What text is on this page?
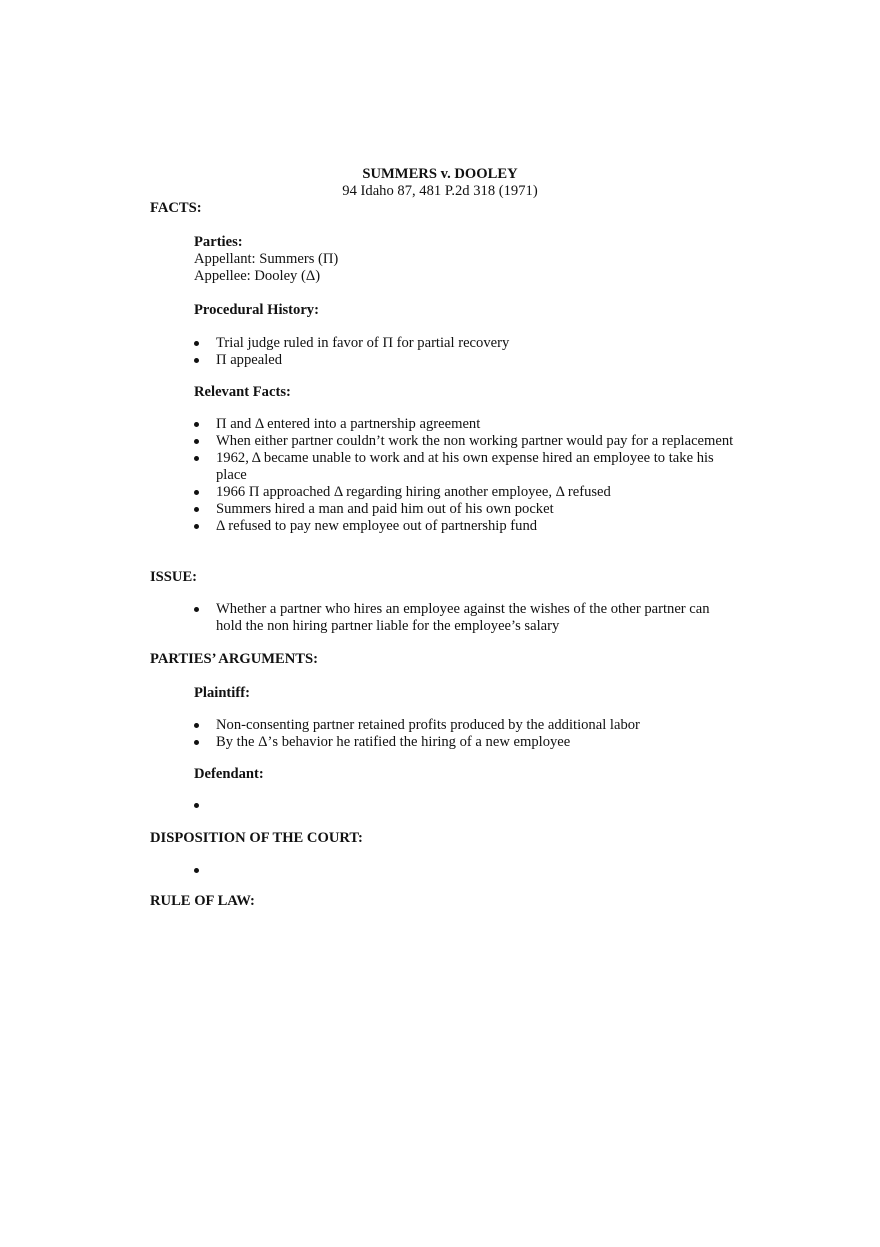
SUMMERS v. DOOLEY
94 Idaho 87, 481 P.2d 318 (1971)
FACTS:
Parties:
Appellant: Summers (Π)
Appellee: Dooley (Δ)
Procedural History:
Trial judge ruled in favor of Π for partial recovery
Π appealed
Relevant Facts:
Π and Δ entered into a partnership agreement
When either partner couldn’t work the non working partner would pay for a replacement
1962, Δ became unable to work and at his own expense hired an employee to take his place
1966 Π approached Δ regarding hiring another employee, Δ refused
Summers hired a man and paid him out of his own pocket
Δ refused to pay new employee out of partnership fund
ISSUE:
Whether a partner who hires an employee against the wishes of the other partner can hold the non hiring partner liable for the employee’s salary
PARTIES’ ARGUMENTS:
Plaintiff:
Non-consenting partner retained profits produced by the additional labor
By the Δ’s behavior he ratified the hiring of a new employee
Defendant:

DISPOSITION OF THE COURT:

RULE OF LAW:
